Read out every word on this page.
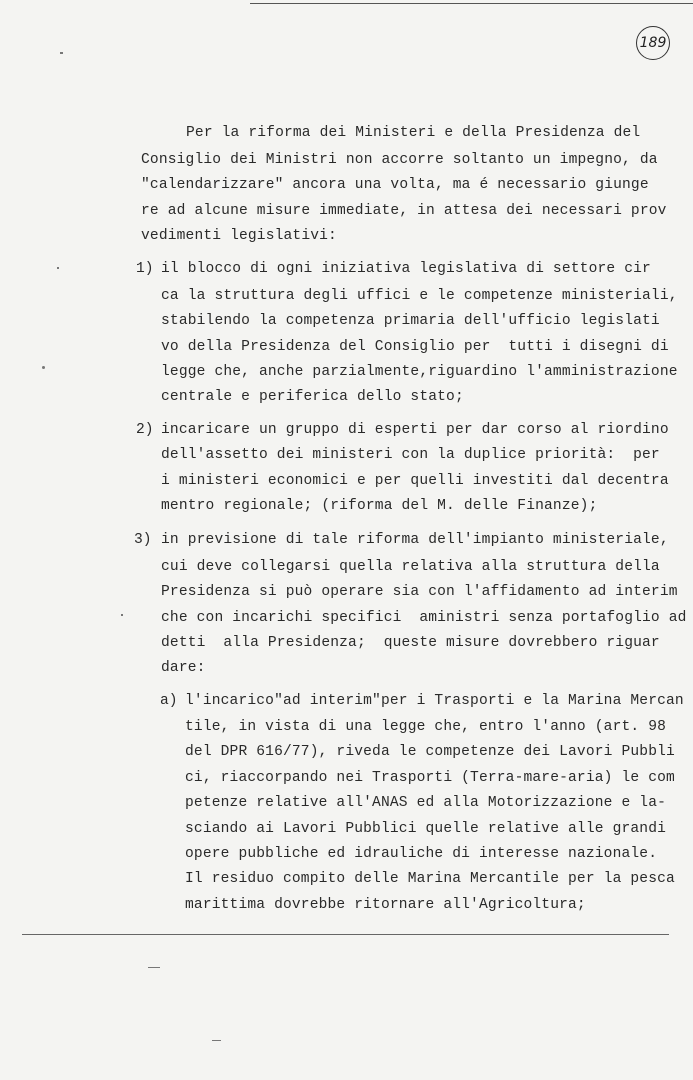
189
Per la riforma dei Ministeri e della Presidenza del
Consiglio dei Ministri non accorre soltanto un impegno, da
"calendarizzare" ancora una volta, ma é necessario giunge
re ad alcune misure immediate, in attesa dei necessari prov
vedimenti legislativi:
1) il blocco di ogni iniziativa legislativa di settore cir
ca la struttura degli uffici e le competenze ministeriali,
stabilendo la competenza primaria dell'ufficio legislati
vo della Presidenza del Consiglio per  tutti i disegni di
legge che, anche parzialmente,riguardino l'amministrazione
centrale e periferica dello stato;
2) incaricare un gruppo di esperti per dar corso al riordino
dell'assetto dei ministeri con la duplice priorità:  per
i ministeri economici e per quelli investiti dal decentra
mentro regionale; (riforma del M. delle Finanze);
3) in previsione di tale riforma dell'impianto ministeriale,
cui deve collegarsi quella relativa alla struttura della
Presidenza si può operare sia con l'affidamento ad interim
che con incarichi specifici  aministri senza portafoglio ad
detti  alla Presidenza;  queste misure dovrebbero riguar
dare:
a) l'incarico"ad interim"per i Trasporti e la Marina Mercan
tile, in vista di una legge che, entro l'anno (art. 98
del DPR 616/77), riveda le competenze dei Lavori Pubbli
ci, riaccorpando nei Trasporti (Terra-mare-aria) le com
petenze relative all'ANAS ed alla Motorizzazione e la-
sciando ai Lavori Pubblici quelle relative alle grandi
opere pubbliche ed idrauliche di interesse nazionale.
Il residuo compito delle Marina Mercantile per la pesca
marittima dovrebbe ritornare all'Agricoltura;
